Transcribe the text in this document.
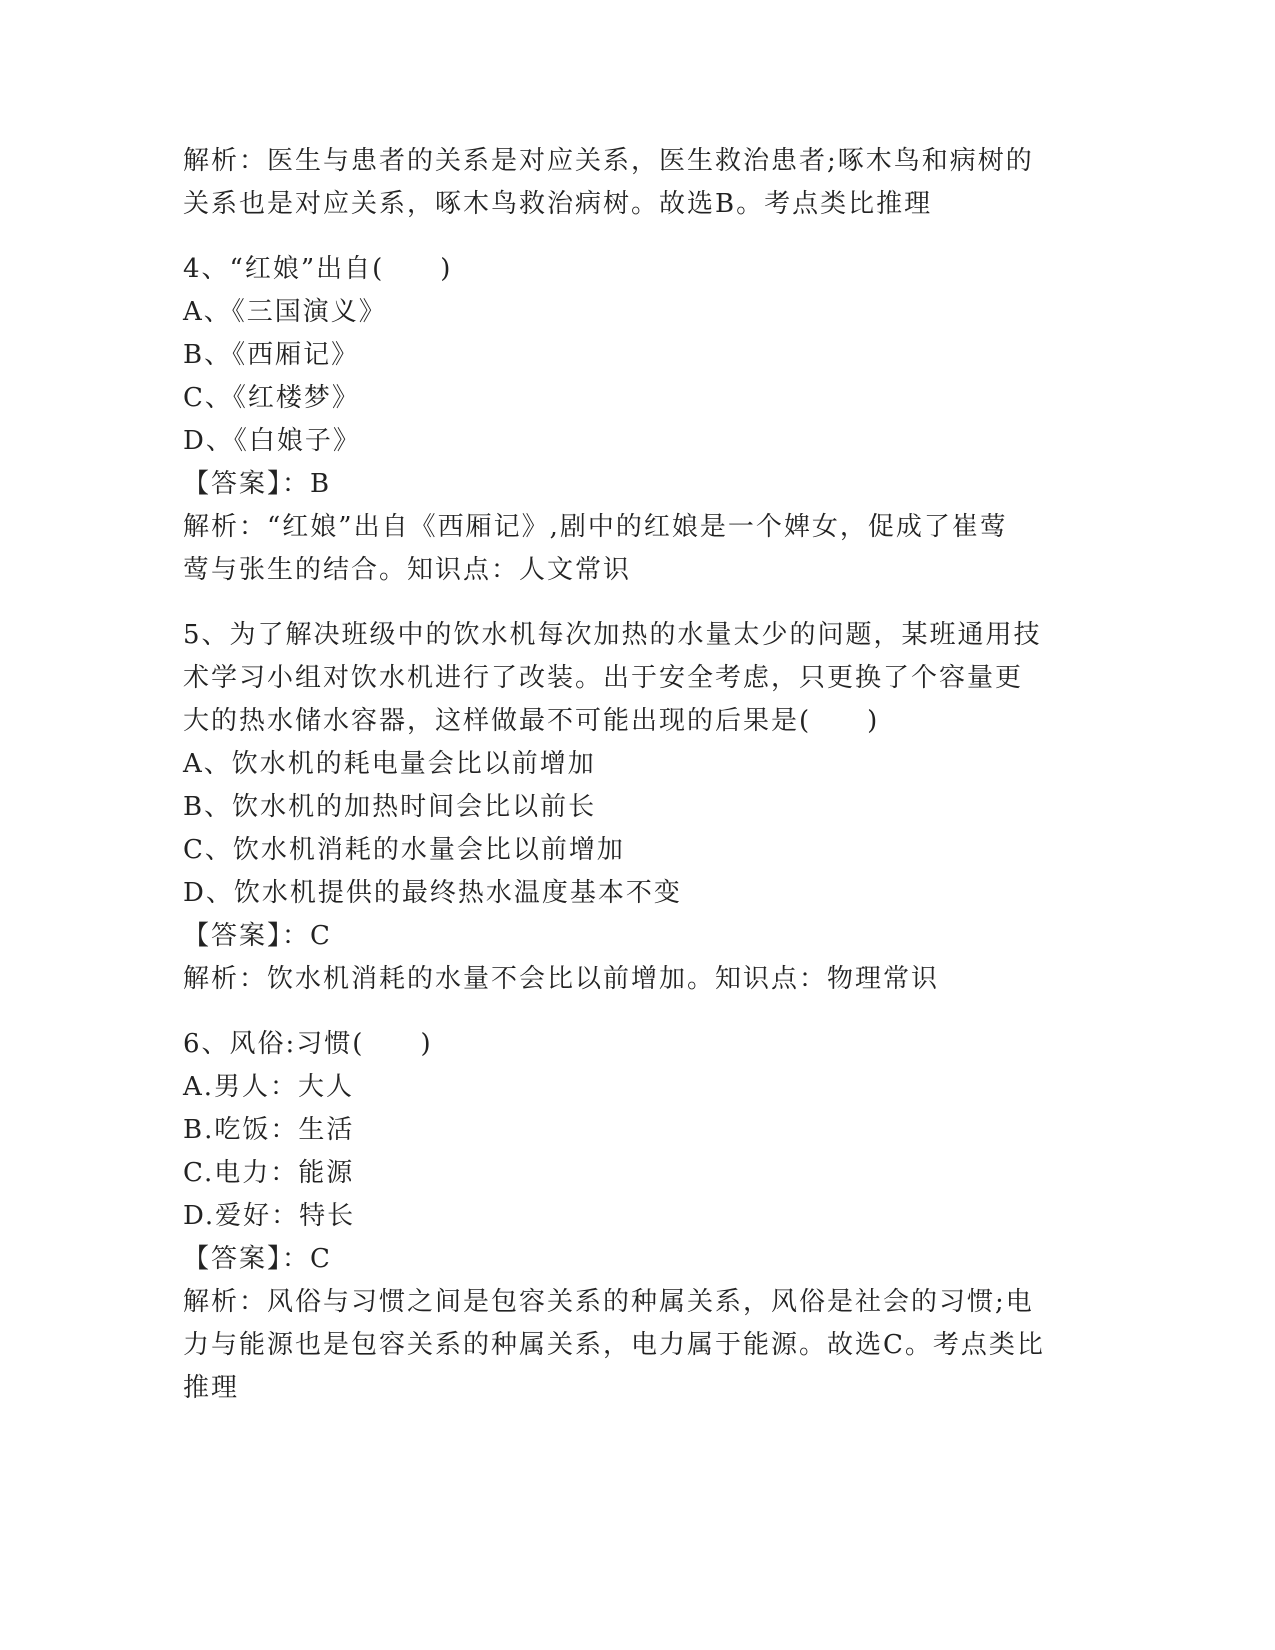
解析：医生与患者的关系是对应关系，医生救治患者;啄木鸟和病树的
关系也是对应关系，啄木鸟救治病树。故选B。考点类比推理
4、“红娘”出自(　　)
A、《三国演义》
B、《西厢记》
C、《红楼梦》
D、《白娘子》
【答案】：B
解析：“红娘”出自《西厢记》,剧中的红娘是一个婢女，促成了崔莺
莺与张生的结合。知识点：人文常识
5、为了解决班级中的饮水机每次加热的水量太少的问题，某班通用技
术学习小组对饮水机进行了改装。出于安全考虑，只更换了个容量更
大的热水储水容器，这样做最不可能出现的后果是(　　)
A、饮水机的耗电量会比以前增加
B、饮水机的加热时间会比以前长
C、饮水机消耗的水量会比以前增加
D、饮水机提供的最终热水温度基本不变
【答案】：C
解析：饮水机消耗的水量不会比以前增加。知识点：物理常识
6、风俗:习惯(　　)
A.男人：大人
B.吃饭：生活
C.电力：能源
D.爱好：特长
【答案】：C
解析：风俗与习惯之间是包容关系的种属关系，风俗是社会的习惯;电
力与能源也是包容关系的种属关系，电力属于能源。故选C。考点类比
推理
